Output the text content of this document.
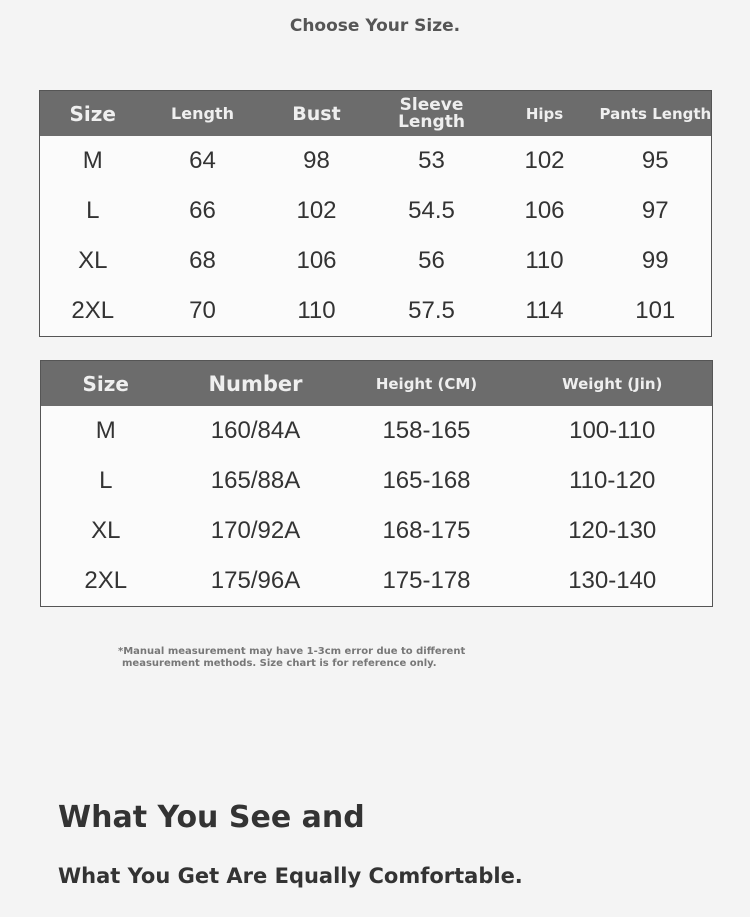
Choose Your Size.
Size	Length	Bust	Sleeve Length	Hips	Pants Length
M	64	98	53	102	95
L	66	102	54.5	106	97
XL	68	106	56	110	99
2XL	70	110	57.5	114	101
Size	Number	Height (CM)	Weight (Jin)
M	160/84A	158-165	100-110
L	165/88A	165-168	110-120
XL	170/92A	168-175	120-130
2XL	175/96A	175-178	130-140
*Manual measurement may have 1-3cm error due to different
measurement methods. Size chart is for reference only.
What You See and
What You Get Are Equally Comfortable.
